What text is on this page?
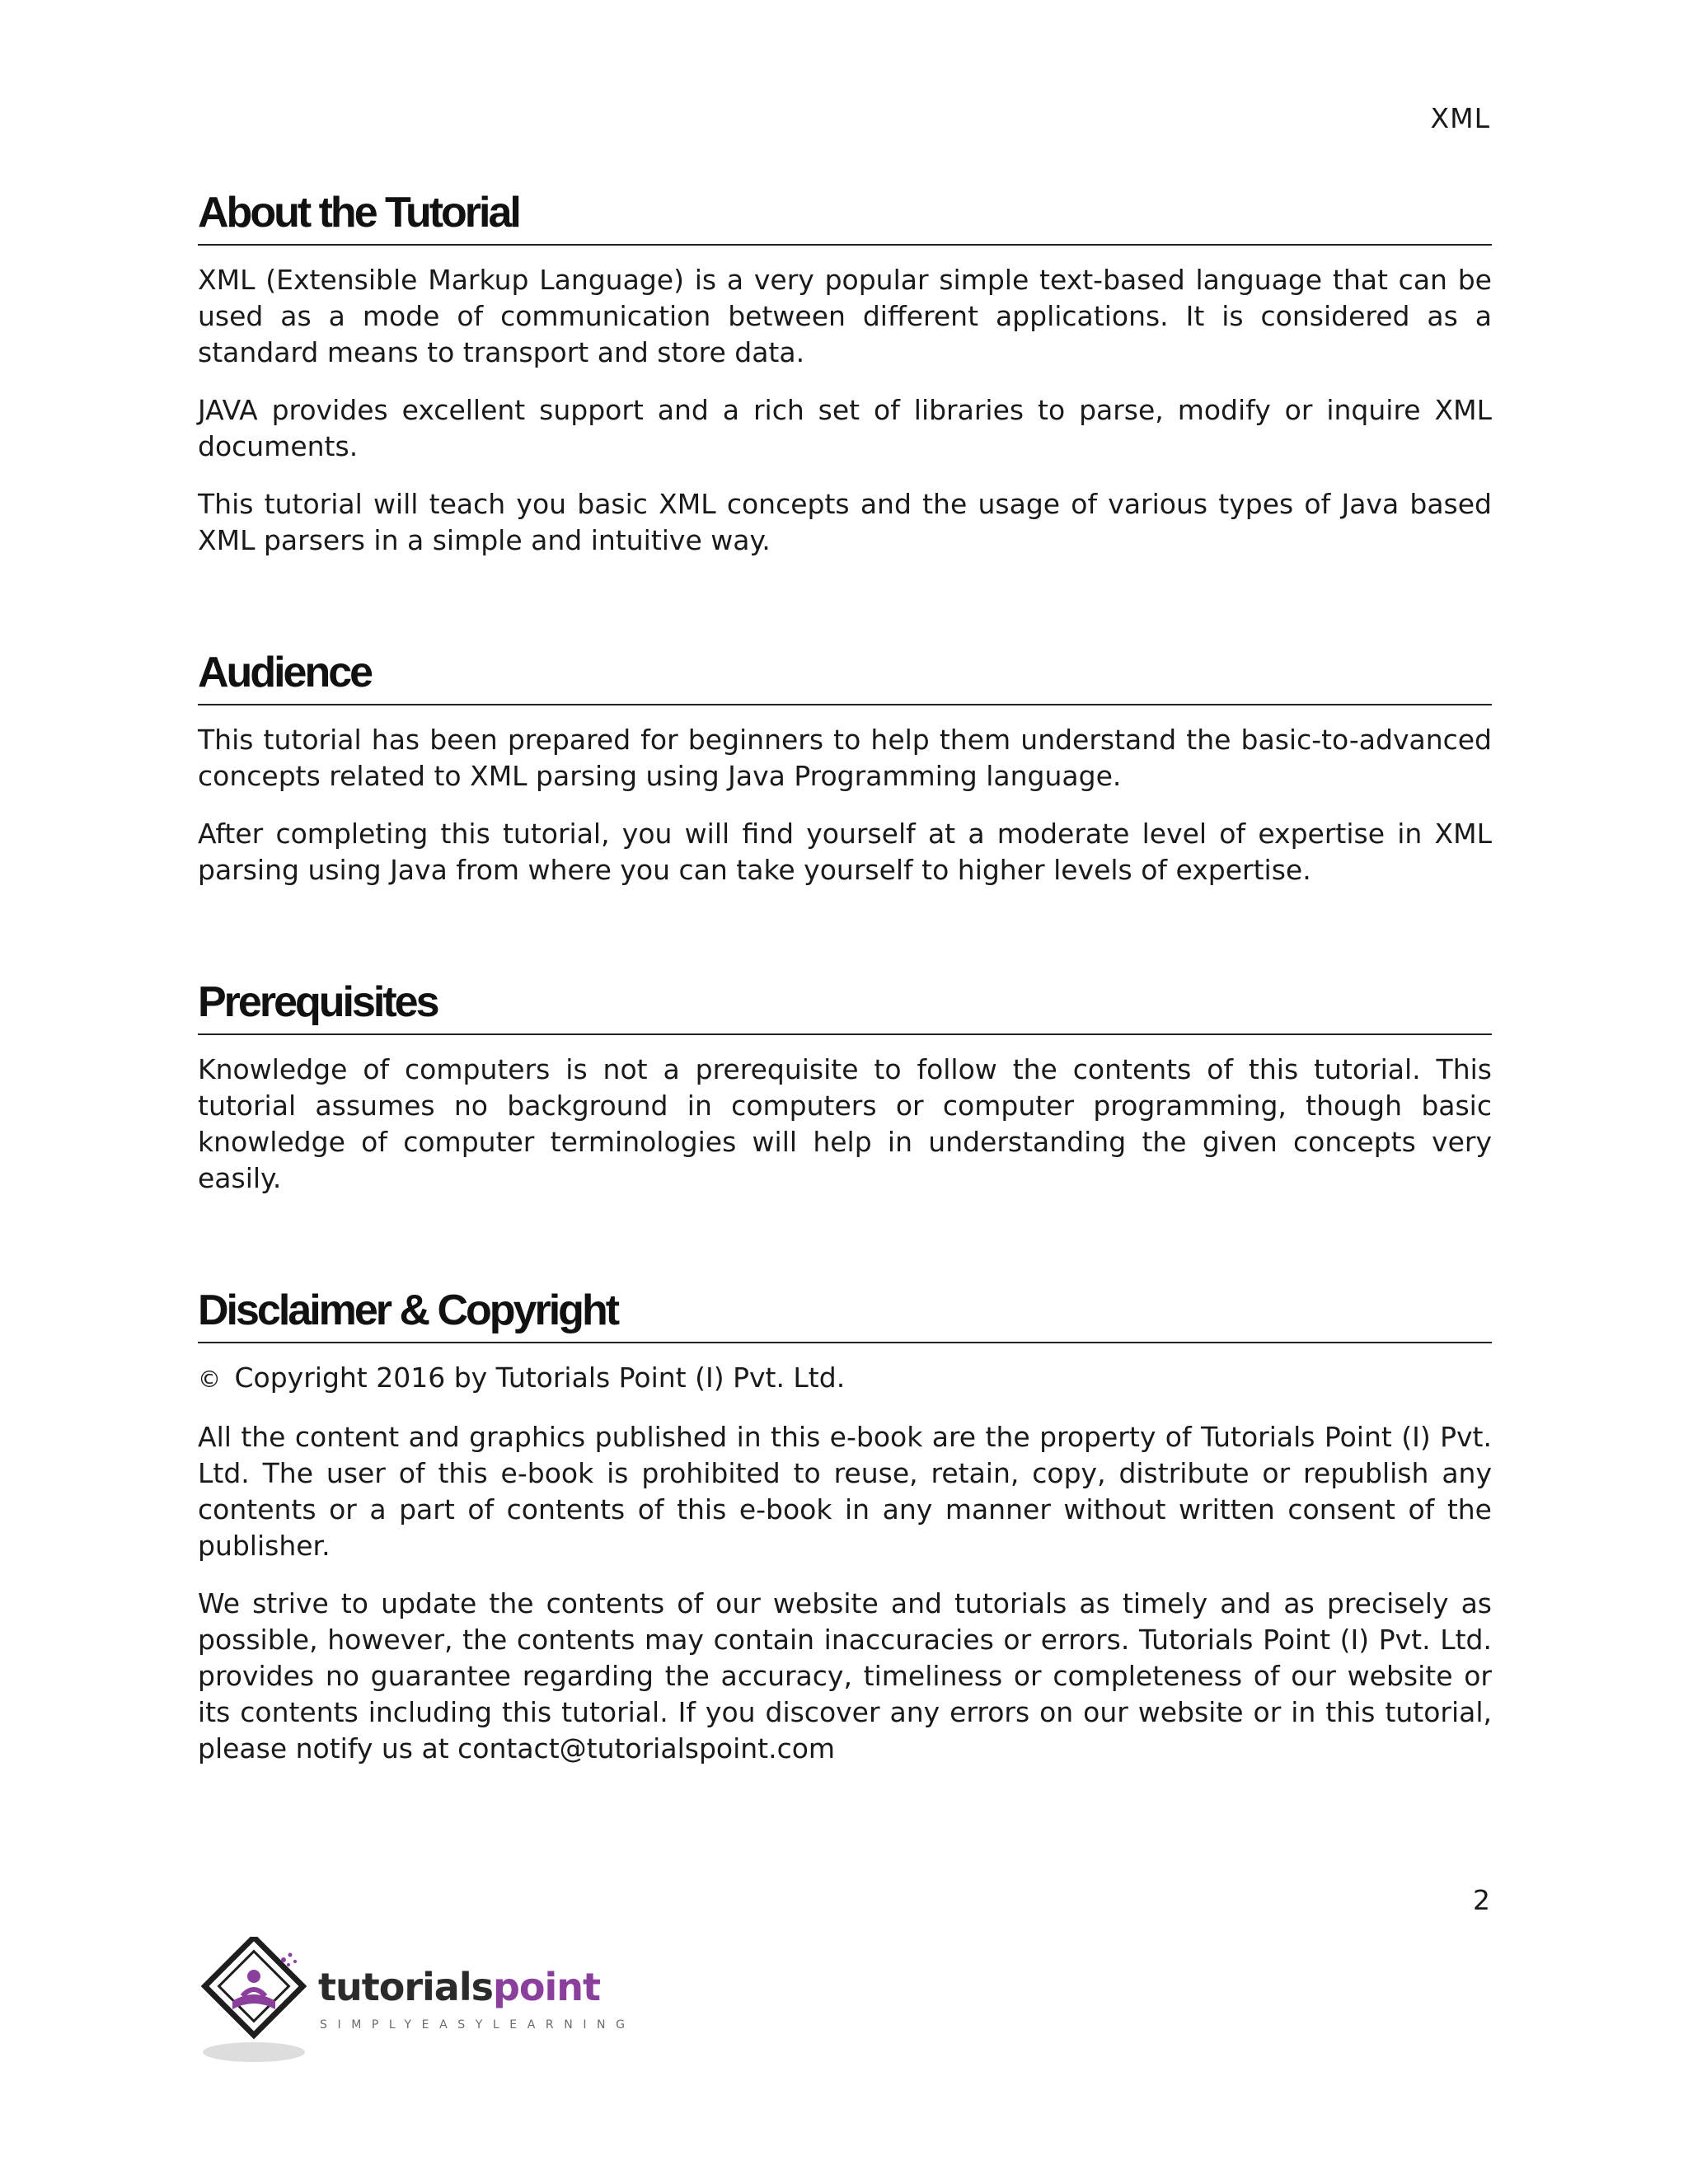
XML
About the Tutorial

XML (Extensible Markup Language) is a very popular simple text-based language that can be used as a mode of communication between different applications. It is considered as a standard means to transport and store data.

JAVA provides excellent support and a rich set of libraries to parse, modify or inquire XML documents.

This tutorial will teach you basic XML concepts and the usage of various types of Java based XML parsers in a simple and intuitive way.

Audience

This tutorial has been prepared for beginners to help them understand the basic-to-advanced concepts related to XML parsing using Java Programming language.

After completing this tutorial, you will find yourself at a moderate level of expertise in XML parsing using Java from where you can take yourself to higher levels of expertise.

Prerequisites

Knowledge of computers is not a prerequisite to follow the contents of this tutorial. This tutorial assumes no background in computers or computer programming, though basic knowledge of computer terminologies will help in understanding the given concepts very easily.

Disclaimer & Copyright

© Copyright 2016 by Tutorials Point (I) Pvt. Ltd.

All the content and graphics published in this e-book are the property of Tutorials Point (I) Pvt. Ltd. The user of this e-book is prohibited to reuse, retain, copy, distribute or republish any contents or a part of contents of this e-book in any manner without written consent of the publisher.

We strive to update the contents of our website and tutorials as timely and as precisely as possible, however, the contents may contain inaccuracies or errors. Tutorials Point (I) Pvt. Ltd. provides no guarantee regarding the accuracy, timeliness or completeness of our website or its contents including this tutorial. If you discover any errors on our website or in this tutorial, please notify us at contact@tutorialspoint.com

2
tutorialspoint
SIMPLYEASYLEARNING
